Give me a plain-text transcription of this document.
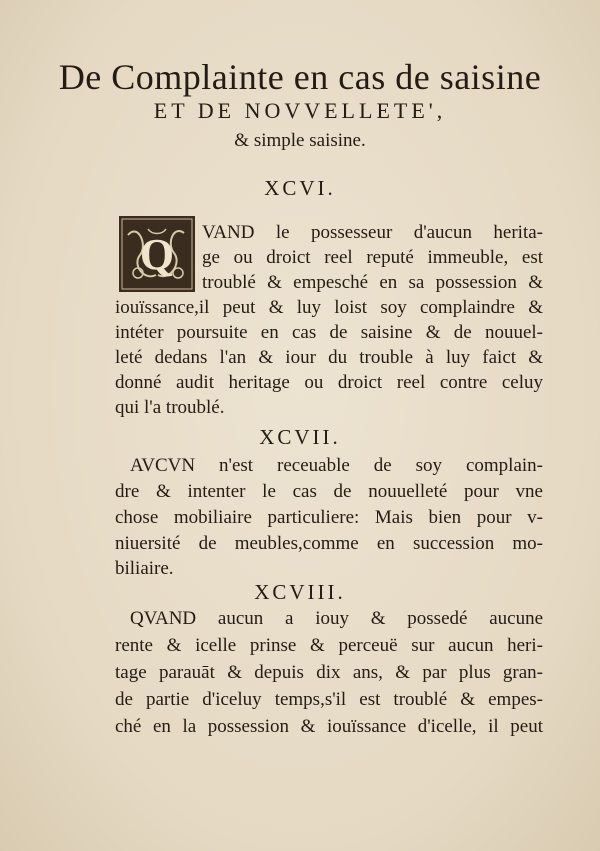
De Complainte en cas de saisine
ET DE NOVVELLETE',
& simple saisine.
XCVI.
Q VAND le possesseur d'aucun herita-
ge ou droict reel reputé immeuble, est
troublé & empesché en sa possession &
iouïssance,il peut & luy loist soy complaindre &
intéter poursuite en cas de saisine & de nouuel-
leté dedans l'an & iour du trouble à luy faict &
donné audit heritage ou droict reel contre celuy
qui l'a troublé.
XCVII.
AVCVN n'est receuable de soy complain-
dre & intenter le cas de nouuelleté pour vne
chose mobiliaire particuliere: Mais bien pour v-
niuersité de meubles,comme en succession mo-
biliaire.
XCVIII.
QVAND aucun a iouy & possedé aucune
rente & icelle prinse & perceuë sur aucun heri-
tage parauāt & depuis dix ans, & par plus gran-
de partie d'iceluy temps,s'il est troublé & empes-
ché en la possession & iouïssance d'icelle, il peut
